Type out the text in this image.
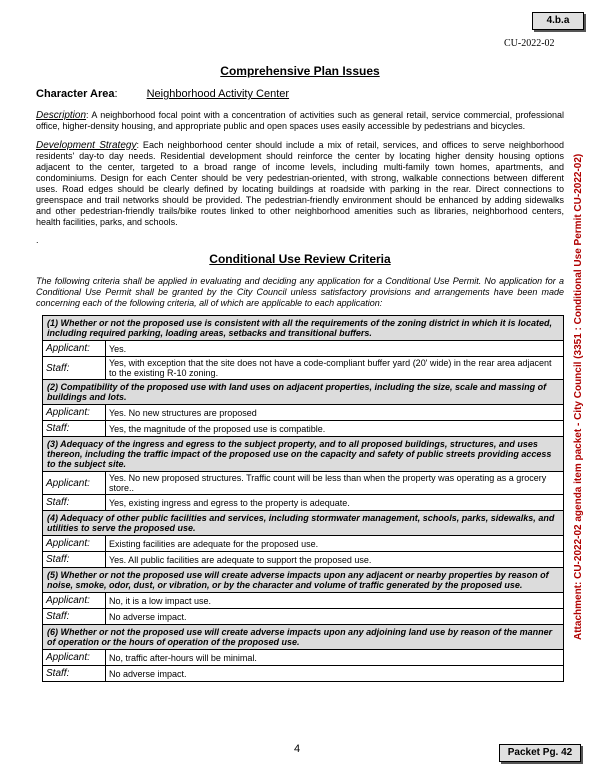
4.b.a
CU-2022-02
Attachment: CU-2022-02 agenda item packet - City Council (3351 : Conditional Use Permit CU-2022-02)
Comprehensive Plan Issues
Character Area:	Neighborhood Activity Center

Description: A neighborhood focal point with a concentration of activities such as general retail, service commercial, professional office, higher-density housing, and appropriate public and open spaces uses easily accessible by pedestrians and bicycles.

Development Strategy: Each neighborhood center should include a mix of retail, services, and offices to serve neighborhood residents' day-to day needs. Residential development should reinforce the center by locating higher density housing options adjacent to the center, targeted to a broad range of income levels, including multi-family town homes, apartments, and condominiums. Design for each Center should be very pedestrian-oriented, with strong, walkable connections between different uses. Road edges should be clearly defined by locating buildings at roadside with parking in the rear. Direct connections to greenspace and trail networks should be provided. The pedestrian-friendly environment should be enhanced by adding sidewalks and other pedestrian-friendly trails/bike routes linked to other neighborhood amenities such as libraries, neighborhood centers, health facilities, parks, and schools.

.
Conditional Use Review Criteria

The following criteria shall be applied in evaluating and deciding any application for a Conditional Use Permit. No application for a Conditional Use Permit shall be granted by the City Council unless satisfactory provisions and arrangements have been made concerning each of the following criteria, all of which are applicable to each application:

(1) Whether or not the proposed use is consistent with all the requirements of the zoning district in which it is located, including required parking, loading areas, setbacks and transitional buffers.	
Applicant:	Yes.
Staff:	Yes, with exception that the site does not have a code-compliant buffer yard (20' wide) in the rear area adjacent to the existing R-10 zoning.
(2) Compatibility of the proposed use with land uses on adjacent properties, including the size, scale and massing of buildings and lots.	
Applicant:	Yes. No new structures are proposed
Staff:	Yes, the magnitude of the proposed use is compatible.
(3) Adequacy of the ingress and egress to the subject property, and to all proposed buildings, structures, and uses thereon, including the traffic impact of the proposed use on the capacity and safety of public streets providing access to the subject site.	
Applicant:	Yes. No new proposed structures. Traffic count will be less than when the property was operating as a grocery store..
Staff:	Yes, existing ingress and egress to the property is adequate.
(4) Adequacy of other public facilities and services, including stormwater management, schools, parks, sidewalks, and utilities to serve the proposed use.	
Applicant:	Existing facilities are adequate for the proposed use.
Staff:	Yes. All public facilities are adequate to support the proposed use.
(5) Whether or not the proposed use will create adverse impacts upon any adjacent or nearby properties by reason of noise, smoke, odor, dust, or vibration, or by the character and volume of traffic generated by the proposed use.	
Applicant:	No, it is a low impact use.
Staff:	No adverse impact.
(6) Whether or not the proposed use will create adverse impacts upon any adjoining land use by reason of the manner of operation or the hours of operation of the proposed use.	
Applicant:	No, traffic after-hours will be minimal.
Staff:	No adverse impact.
4	Packet Pg. 42
